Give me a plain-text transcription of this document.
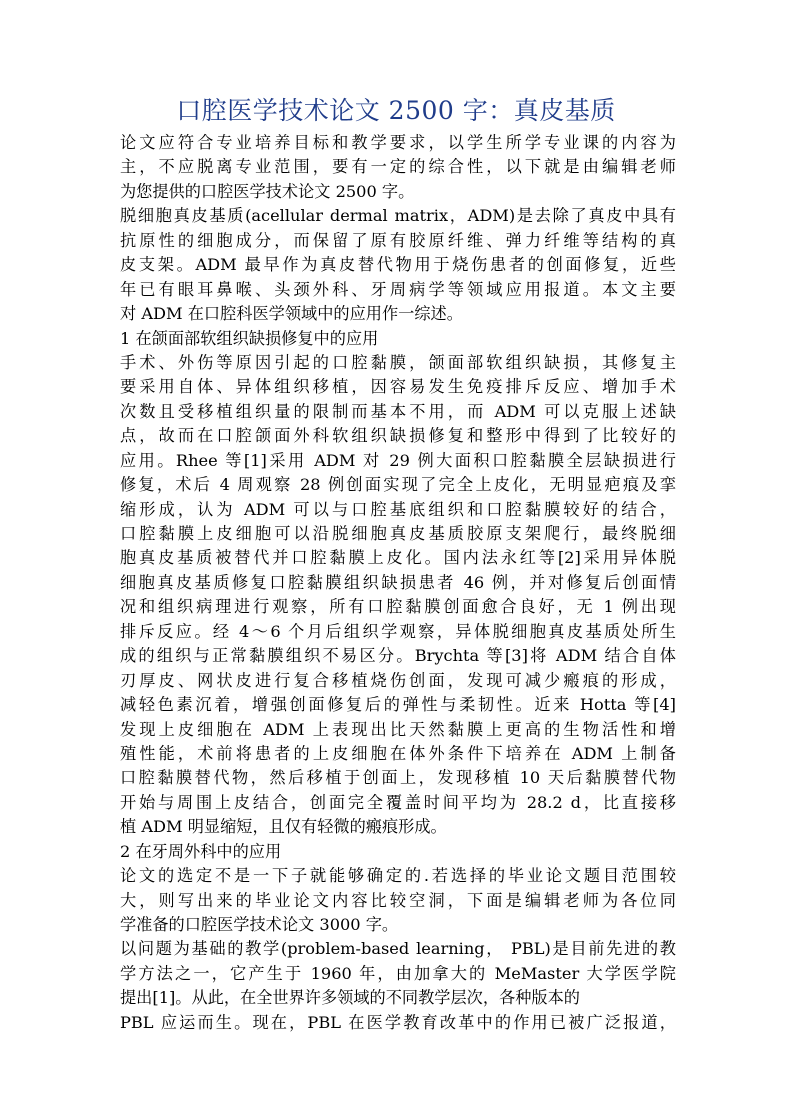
口腔医学技术论文 2500 字：真皮基质
论文应符合专业培养目标和教学要求，以学生所学专业课的内容为
主，不应脱离专业范围，要有一定的综合性，以下就是由编辑老师
为您提供的口腔医学技术论文 2500 字。
脱细胞真皮基质(acellular dermal matrix，ADM)是去除了真皮中具有
抗原性的细胞成分，而保留了原有胶原纤维、弹力纤维等结构的真
皮支架。ADM 最早作为真皮替代物用于烧伤患者的创面修复，近些
年已有眼耳鼻喉、头颈外科、牙周病学等领域应用报道。本文主要
对 ADM 在口腔科医学领域中的应用作一综述。
1 在颌面部软组织缺损修复中的应用
手术、外伤等原因引起的口腔黏膜，颌面部软组织缺损，其修复主
要采用自体、异体组织移植，因容易发生免疫排斥反应、增加手术
次数且受移植组织量的限制而基本不用，而 ADM 可以克服上述缺
点，故而在口腔颌面外科软组织缺损修复和整形中得到了比较好的
应用。Rhee 等[1]采用 ADM 对 29 例大面积口腔黏膜全层缺损进行
修复，术后 4 周观察 28 例创面实现了完全上皮化，无明显疤痕及挛
缩形成，认为 ADM 可以与口腔基底组织和口腔黏膜较好的结合，
口腔黏膜上皮细胞可以沿脱细胞真皮基质胶原支架爬行，最终脱细
胞真皮基质被替代并口腔黏膜上皮化。国内法永红等[2]采用异体脱
细胞真皮基质修复口腔黏膜组织缺损患者 46 例，并对修复后创面情
况和组织病理进行观察，所有口腔黏膜创面愈合良好，无 1 例出现
排斥反应。经 4～6 个月后组织学观察，异体脱细胞真皮基质处所生
成的组织与正常黏膜组织不易区分。Brychta 等[3]将 ADM 结合自体
刃厚皮、网状皮进行复合移植烧伤创面，发现可减少瘢痕的形成，
减轻色素沉着，增强创面修复后的弹性与柔韧性。近来 Hotta 等[4]
发现上皮细胞在 ADM 上表现出比天然黏膜上更高的生物活性和增
殖性能，术前将患者的上皮细胞在体外条件下培养在 ADM 上制备
口腔黏膜替代物，然后移植于创面上，发现移植 10 天后黏膜替代物
开始与周围上皮结合，创面完全覆盖时间平均为 28.2 d，比直接移
植 ADM 明显缩短，且仅有轻微的瘢痕形成。
2 在牙周外科中的应用
论文的选定不是一下子就能够确定的.若选择的毕业论文题目范围较
大，则写出来的毕业论文内容比较空洞，下面是编辑老师为各位同
学准备的口腔医学技术论文 3000 字。
以问题为基础的教学(problem-based learning， PBL)是目前先进的教
学方法之一，它产生于 1960 年，由加拿大的 MeMaster 大学医学院
提出[1]。从此，在全世界许多领域的不同教学层次，各种版本的
PBL 应运而生。现在，PBL 在医学教育改革中的作用已被广泛报道，
